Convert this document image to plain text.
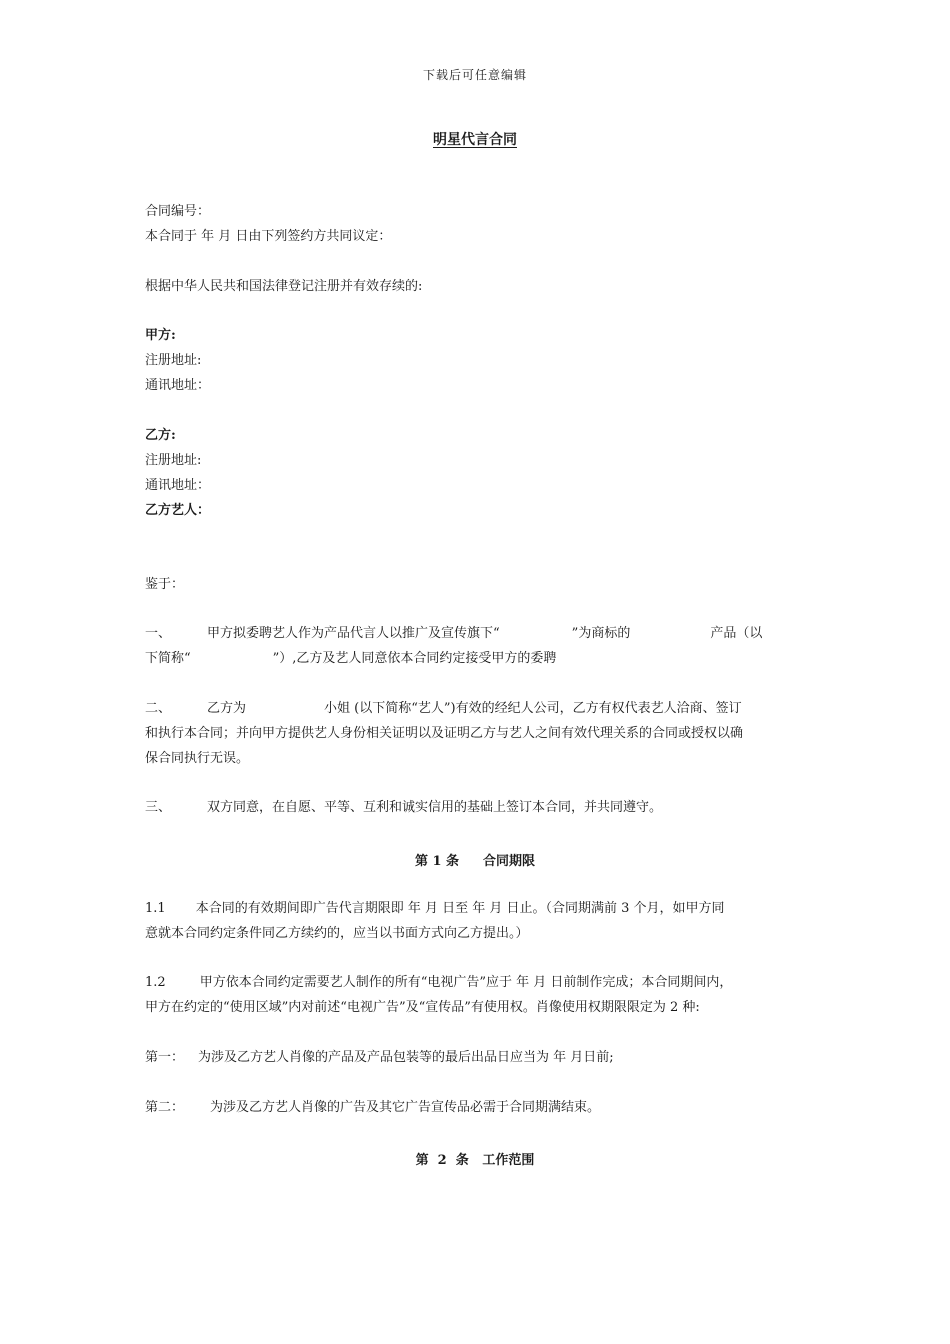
下载后可任意编辑
明星代言合同
合同编号：
本合同于 年 月 日由下列签约方共同议定：
根据中华人民共和国法律登记注册并有效存续的:
甲方:
注册地址:
通讯地址：
乙方:
注册地址:
通讯地址：
乙方艺人：
鉴于：
一、	甲方拟委聘艺人作为产品代言人以推广及宣传旗下“	”为商标的	产品（以
下简称“	”）,乙方及艺人同意依本合同约定接受甲方的委聘
二、	乙方为	小姐 (以下简称“艺人”)有效的经纪人公司，乙方有权代表艺人洽商、签订
和执行本合同；并向甲方提供艺人身份相关证明以及证明乙方与艺人之间有效代理关系的合同或授权以确
保合同执行无误。
三、	双方同意，在自愿、平等、互利和诚实信用的基础上签订本合同，并共同遵守。
第 1 条 合同期限
1.1 本合同的有效期间即广告代言期限即 年 月 日至 年 月 日止。（合同期满前 3 个月，如甲方同
意就本合同约定条件同乙方续约的，应当以书面方式向乙方提出。）
1.2	甲方依本合同约定需要艺人制作的所有“电视广告”应于 年 月 日前制作完成；本合同期间内，
甲方在约定的“使用区域”内对前述“电视广告”及“宣传品”有使用权。肖像使用权期限限定为 2 种:
第一： 为涉及乙方艺人肖像的产品及产品包装等的最后出品日应当为 年 月日前;
第二： 为涉及乙方艺人肖像的广告及其它广告宣传品必需于合同期满结束。
第  2  条   工作范围
